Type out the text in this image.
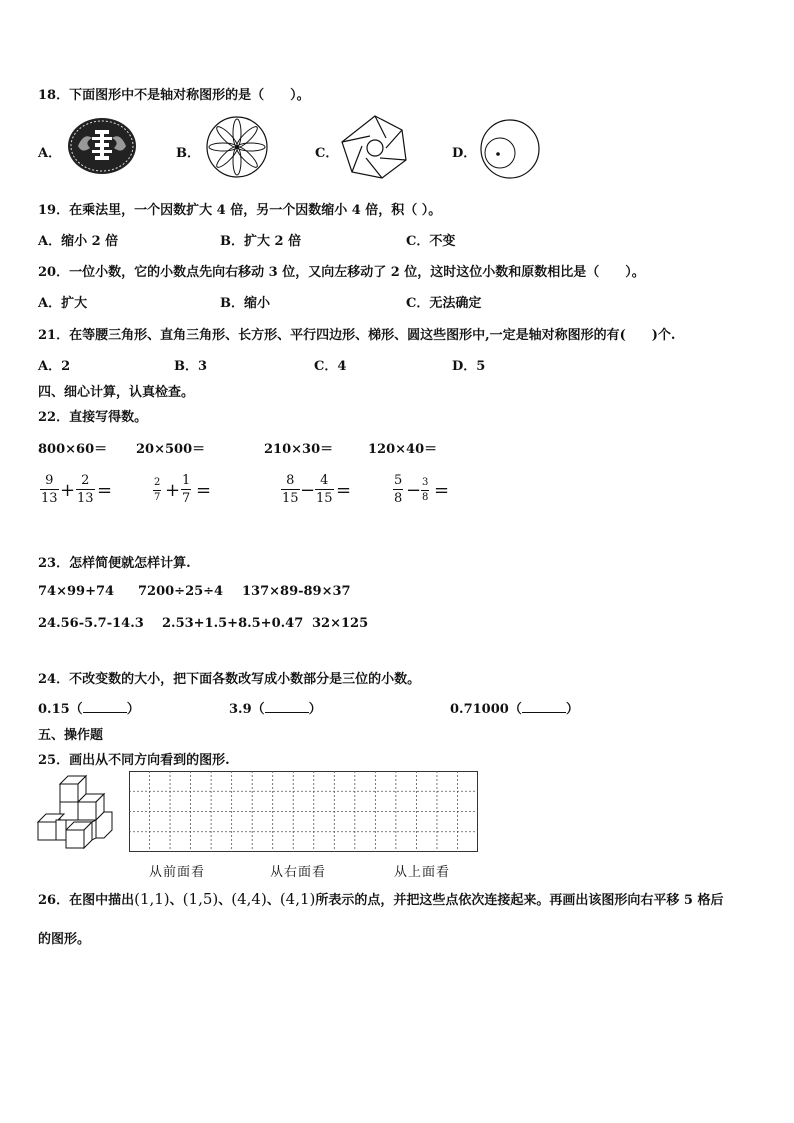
18．下面图形中不是轴对称图形的是（　　）。
A．	B．	C．	D．
19．在乘法里，一个因数扩大 4 倍，另一个因数缩小 4 倍，积（ ）。
A．缩小 2 倍	B．扩大 2 倍	C．不变
20．一位小数，它的小数点先向右移动 3 位，又向左移动了 2 位，这时这位小数和原数相比是（　　）。
A．扩大	B．缩小	C．无法确定
21．在等腰三角形、直角三角形、长方形、平行四边形、梯形、圆这些图形中,一定是轴对称图形的有(　　)个.
A．2	B．3	C．4	D．5
四、细心计算，认真检查。
22．直接写得数。
800×60＝ 20×500＝	210×30＝	120×40＝
$\frac{9}{13} + \frac{2}{13}$ =	$\frac{2}{7} + \frac{1}{7}$ =	$\frac{8}{15} - \frac{4}{15}$ =	$\frac{5}{8} - \frac{3}{8}$ =
23．怎样简便就怎样计算.
74×99+74 7200÷25÷4 137×89-89×37
24.56-5.7-14.3 2.53+1.5+8.5+0.47 32×125
24．不改变数的大小，把下面各数改写成小数部分是三位的小数。
0.15（	）	3.9（	）	0.71000（	）
五、操作题
25．画出从不同方向看到的图形.
从前面看	从右面看	从上面看
26．在图中描出(1,1)、(1,5)、(4,4)、(4,1)所表示的点，并把这些点依次连接起来。再画出该图形向右平移 5 格后
的图形。
